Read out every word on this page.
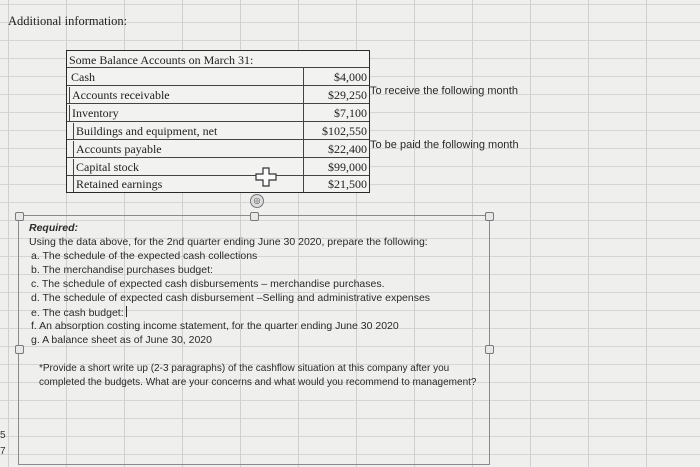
Additional information:
Some Balance Accounts on March 31:
Cash	$4,000
Accounts receivable	$29,250
Inventory	$7,100
Buildings and equipment, net	$102,550
Accounts payable	$22,400
Capital stock	$99,000
Retained earnings	$21,500
To receive the following month
To be paid the following month
◎
Required:
Using the data above, for the 2nd quarter ending June 30 2020, prepare the following:
a. The schedule of the expected cash collections
b. The merchandise purchases budget:
c. The schedule of expected cash disbursements – merchandise purchases.
d. The schedule of expected cash disbursement –Selling and administrative expenses
e. The cash budget:
f. An absorption costing income statement, for the quarter ending June 30 2020
g. A balance sheet as of June 30, 2020
*Provide a short write up (2-3 paragraphs) of the cashflow situation at this company after you completed the budgets. What are your concerns and what would you recommend to management?
5
7
